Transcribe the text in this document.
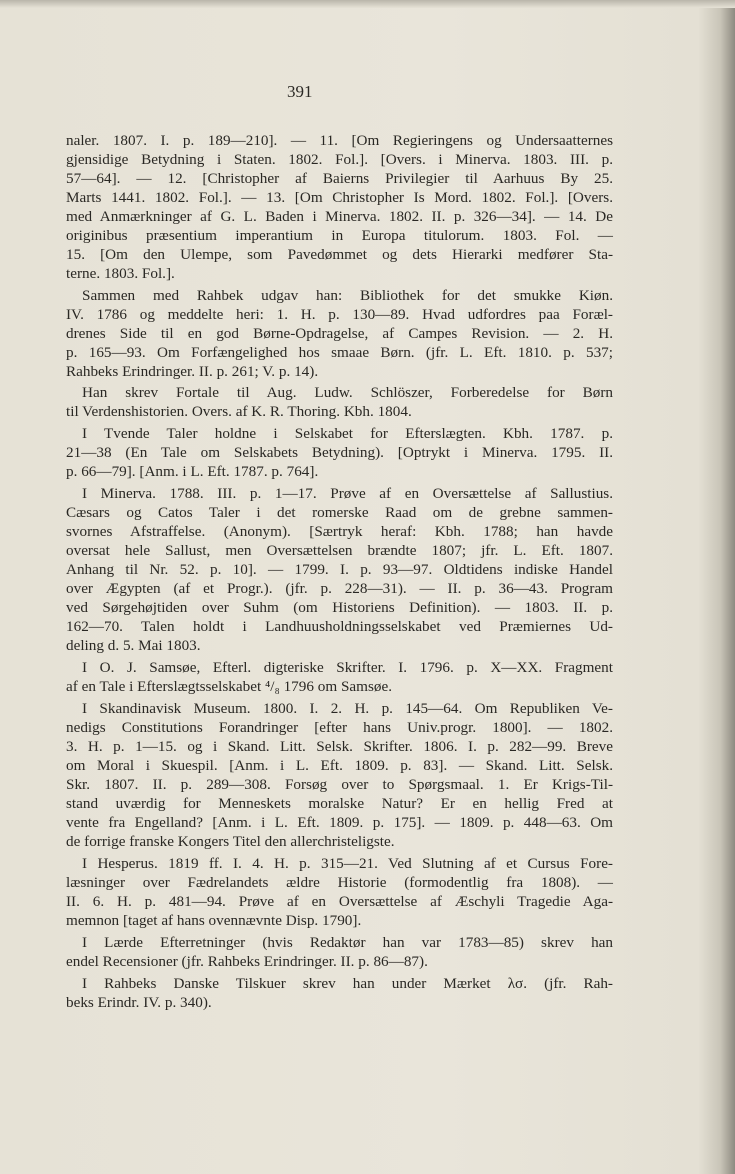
391
naler. 1807. I. p. 189—210]. — 11. [Om Regieringens og Undersaatternes
gjensidige Betydning i Staten. 1802. Fol.]. [Overs. i Minerva. 1803. III. p.
57—64]. — 12. [Christopher af Baierns Privilegier til Aarhuus By 25.
Marts 1441. 1802. Fol.]. — 13. [Om Christopher Is Mord. 1802. Fol.]. [Overs.
med Anmærkninger af G. L. Baden i Minerva. 1802. II. p. 326—34]. — 14. De
originibus præsentium imperantium in Europa titulorum. 1803. Fol. —
15. [Om den Ulempe, som Pavedømmet og dets Hierarki medfører Sta-
terne. 1803. Fol.].
Sammen med Rahbek udgav han: Bibliothek for det smukke Kiøn.
IV. 1786 og meddelte heri: 1. H. p. 130—89. Hvad udfordres paa Foræl-
drenes Side til en god Børne-Opdragelse, af Campes Revision. — 2. H.
p. 165—93. Om Forfængelighed hos smaae Børn. (jfr. L. Eft. 1810. p. 537;
Rahbeks Erindringer. II. p. 261; V. p. 14).
Han skrev Fortale til Aug. Ludw. Schlöszer, Forberedelse for Børn
til Verdenshistorien. Overs. af K. R. Thoring. Kbh. 1804.
I Tvende Taler holdne i Selskabet for Efterslægten. Kbh. 1787. p.
21—38 (En Tale om Selskabets Betydning). [Optrykt i Minerva. 1795. II.
p. 66—79]. [Anm. i L. Eft. 1787. p. 764].
I Minerva. 1788. III. p. 1—17. Prøve af en Oversættelse af Sallustius.
Cæsars og Catos Taler i det romerske Raad om de grebne sammen-
svornes Afstraffelse. (Anonym). [Særtryk heraf: Kbh. 1788; han havde
oversat hele Sallust, men Oversættelsen brændte 1807; jfr. L. Eft. 1807.
Anhang til Nr. 52. p. 10]. — 1799. I. p. 93—97. Oldtidens indiske Handel
over Ægypten (af et Progr.). (jfr. p. 228—31). — II. p. 36—43. Program
ved Sørgehøjtiden over Suhm (om Historiens Definition). — 1803. II. p.
162—70. Talen holdt i Landhuusholdningsselskabet ved Præmiernes Ud-
deling d. 5. Mai 1803.
I O. J. Samsøe, Efterl. digteriske Skrifter. I. 1796. p. X—XX. Fragment
af en Tale i Efterslægtsselskabet ⁴/₈ 1796 om Samsøe.
I Skandinavisk Museum. 1800. I. 2. H. p. 145—64. Om Republiken Ve-
nedigs Constitutions Forandringer [efter hans Univ.progr. 1800]. — 1802.
3. H. p. 1—15. og i Skand. Litt. Selsk. Skrifter. 1806. I. p. 282—99. Breve
om Moral i Skuespil. [Anm. i L. Eft. 1809. p. 83]. — Skand. Litt. Selsk.
Skr. 1807. II. p. 289—308. Forsøg over to Spørgsmaal. 1. Er Krigs-Til-
stand uværdig for Menneskets moralske Natur? Er en hellig Fred at
vente fra Engelland? [Anm. i L. Eft. 1809. p. 175]. — 1809. p. 448—63. Om
de forrige franske Kongers Titel den allerchristeligste.
I Hesperus. 1819 ff. I. 4. H. p. 315—21. Ved Slutning af et Cursus Fore-
læsninger over Fædrelandets ældre Historie (formodentlig fra 1808). —
II. 6. H. p. 481—94. Prøve af en Oversættelse af Æschyli Tragedie Aga-
memnon [taget af hans ovennævnte Disp. 1790].
I Lærde Efterretninger (hvis Redaktør han var 1783—85) skrev han
endel Recensioner (jfr. Rahbeks Erindringer. II. p. 86—87).
I Rahbeks Danske Tilskuer skrev han under Mærket λσ. (jfr. Rah-
beks Erindr. IV. p. 340).
